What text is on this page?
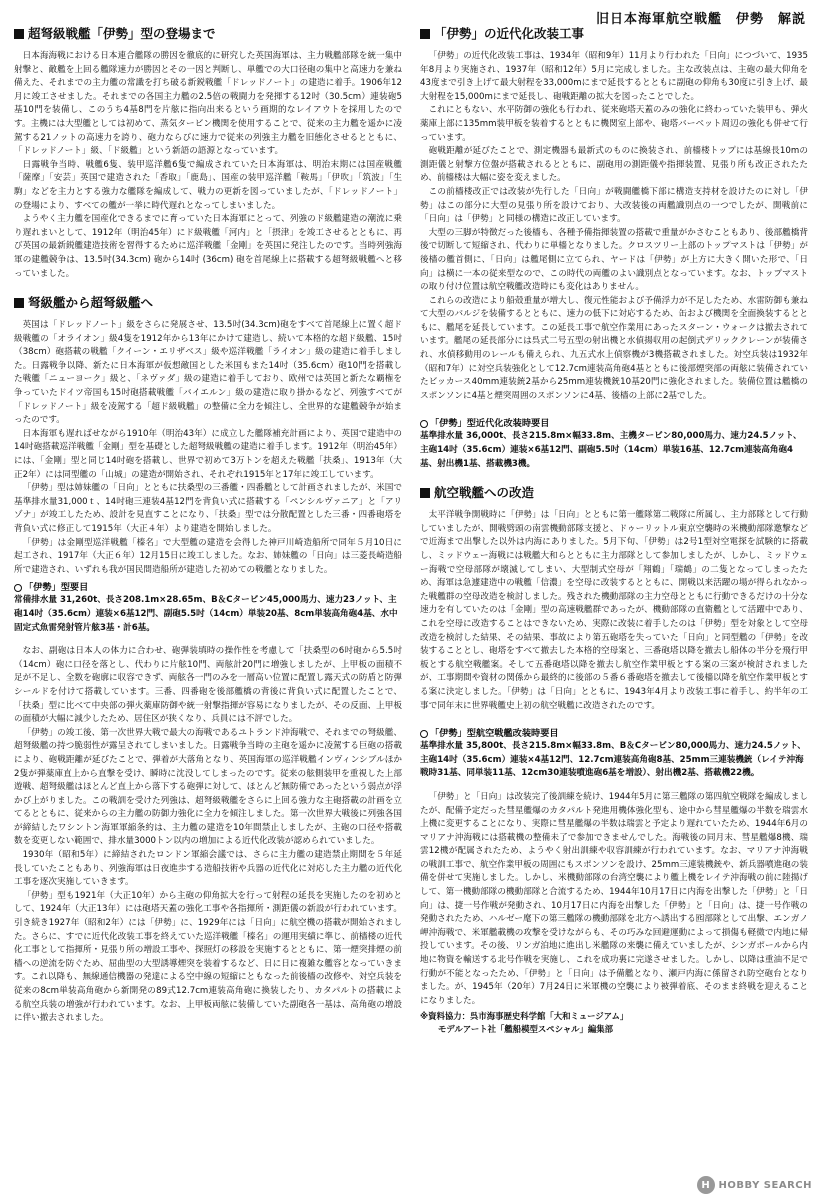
旧日本海軍航空戦艦　伊勢　解説
超弩級戦艦「伊勢」型の登場まで

日本海海戦における日本連合艦隊の勝因を徹底的に研究した英国海軍は、主力戦艦部隊を統一集中射撃と、敵艦を上回る艦隊速力が勝因とその一因と判断し、単艦での大口径砲の集中と高速力を兼ね備えた、それまでの主力艦の常識を打ち破る新鋭戦艦「ドレッドノート」の建造に着手。1906年12月に竣工させました。それまでの各国主力艦の2.5倍の戦闘力を発揮する12吋（30.5cm）連装砲5基10門を装備し、このうち4基8門を片舷に指向出来るという画期的なレイアウトを採用したのです。主機には大型艦としては初めて、蒸気タービン機関を使用することで、従来の主力艦を遥かに凌駕する21ノットの高速力を誇り、砲力ならびに速力で従来の列強主力艦を旧態化させるとともに、「ドレッドノート」級、「ド級艦」という新語の語源となっています。

日露戦争当時、戦艦6隻、装甲巡洋艦6隻で編成されていた日本海軍は、明治末期には国産戦艦「薩摩」「安芸」英国で建造された「香取」「鹿島」、国産の装甲巡洋艦「鞍馬」「伊吹」「筑波」「生駒」などを主力とする強力な艦隊を編成して、戦力の更新を図っていましたが、「ドレッドノート」の登場により、すべての艦が一挙に時代遅れとなってしまいました。

ようやく主力艦を国産化できるまでに育っていた日本海軍にとって、列強のド級艦建造の潮流に乗り遅れまいとして、1912年（明治45年）にド級戦艦「河内」と「摂津」を竣工させるとともに、再び英国の最新鋭艦建造技術を習得するために巡洋戦艦「金剛」を英国に発注したのです。当時列強海軍の建艦競争は、13.5吋(34.3cm) 砲から14吋 (36cm) 砲を首尾線上に搭載する超弩級戦艦へと移っていました。

弩級艦から超弩級艦へ

英国は「ドレッドノート」級をさらに発展させ、13.5吋(34.3cm)砲をすべて首尾線上に置く超ド級戦艦の「オライオン」級4隻を1912年から13年にかけて建造し、続いて本格的な超ド級艦、15吋（38cm）砲搭載の戦艦「クイーン・エリザベス」級や巡洋戦艦「ライオン」級の建造に着手しました。日露戦争以降、新たに日本海軍が仮想敵国とした米国もまた14吋（35.6cm）砲10門を搭載した戦艦「ニューヨーク」級と、「ネヴァダ」級の建造に着手しており、欧州では英国と新たな覇権を争っていたドイツ帝国も15吋砲搭載戦艦「バイエルン」級の建造に取り掛かるなど、列強すべてが「ドレッドノート」級を凌駕する「超ド級戦艦」の整備に全力を傾注し、全世界的な建艦競争が始まったのです。

日本海軍も遅ればせながら1910年（明治43年）に成立した艦隊補充計画により、英国で建造中の14吋砲搭載巡洋戦艦「金剛」型を基礎とした超弩級戦艦の建造に着手します。1912年（明治45年）には、「金剛」型と同じ14吋砲を搭載し、世界で初めて3万トンを超えた戦艦「扶桑」、1913年（大正2年）には同型艦の「山城」の建造が開始され、それぞれ1915年と17年に竣工しています。

「伊勢」型は姉妹艦の「日向」とともに扶桑型の三番艦・四番艦として計画されましたが、米国で基準排水量31,000ｔ、14吋砲三連装4基12門を背負い式に搭載する「ペンシルヴァニア」と「アリゾナ」が竣工したため、設計を見直すことになり、「扶桑」型では分散配置とした三番・四番砲塔を背負い式に修正して1915年（大正４年）より建造を開始しました。

「伊勢」は金剛型巡洋戦艦「榛名」で大型艦の建造を会得した神戸川崎造船所で同年５月10日に起工され、1917年（大正６年）12月15日に竣工しました。なお、姉妹艦の「日向」は三菱長崎造船所で建造され、いずれも我が国民間造船所が建造した初めての戦艦となりました。

「伊勢」型要目
常備排水量 31,260t、長さ208.1m×28.65m、B＆Cタービン45,000馬力、速力23ノット、主砲14吋（35.6cm）連装×6基12門、副砲5.5吋（14cm）単装20基、8cm単装高角砲4基、水中固定式魚雷発射管片舷3基・計6基。

なお、副砲は日本人の体力に合わせ、砲弾装填時の操作性を考慮して「扶桑型の6吋砲から5.5吋（14cm）砲に口径を落とし、代わりに片舷10門、両舷計20門に増強しましたが、上甲板の面積不足が不足し、全数を砲廓に収容できず、両舷各一門のみを一層高い位置に配置し露天式の防盾と防弾シールドを付けて搭載しています。三番、四番砲を後部艦橋の背後に背負い式に配置したことで、「扶桑」型に比べて中央部の弾火薬庫防御や統一射撃指揮が容易になりましたが、その反面、上甲板の面積が大幅に減少したため、居住区が狭くなり、兵員には不評でした。

「伊勢」の竣工後、第一次世界大戦で最大の海戦であるユトランド沖海戦で、それまでの弩級艦、超弩級艦の持つ脆弱性が露呈されてしまいました。日露戦争当時の主砲を遥かに凌駕する巨砲の搭載により、砲戦距離が延びたことで、弾着が大落角となり、英国海軍の巡洋戦艦インヴィンシブルほか2隻が弾薬庫直上から直撃を受け、瞬時に沈没してしまったのです。従来の舷側装甲を重視した上部遊戦、超弩級艦はほとんど直上から落下する砲弾に対して、ほとんど無防備であったという弱点が浮かび上がりました。この戦訓を受けた列強は、超弩級戦艦をさらに上回る強力な主砲搭載の計画を立てるとともに、従来からの主力艦の防御力強化に全力を傾注しました。第一次世界大戦後に列強各国が締結したワシントン海軍軍縮条約は、主力艦の建造を10年間禁止しましたが、主砲の口径や搭載数を変更しない範囲で、排水量3000トン以内の増加による近代化改装が認められていました。

1930年（昭和5年）に締結されたロンドン軍縮会議では、さらに主力艦の建造禁止期間を５年延長していたこともあり、列強海軍は日夜進歩する造船技術や兵器の近代化に対応した主力艦の近代化工事を逐次実施していきます。

「伊勢」型も1921年（大正10年）から主砲の仰角拡大を行って射程の延長を実施したのを初めとして、1924年（大正13年）には砲塔天蓋の強化工事や各指揮所・測距儀の新設が行われています。引き続き1927年（昭和2年）には「伊勢」に、1929年には「日向」に航空機の搭載が開始されました。さらに、すでに近代化改装工事を終えていた巡洋戦艦「榛名」の運用実績に準じ、前檣楼の近代化工事として指揮所・見張り所の増設工事や、探照灯の移設を実施するとともに、第一煙突排煙の前檣への逆流を防ぐため、屈曲型の大型誘導煙突を装着するなど、日に日に複雑な艦容となっていきます。これ以降も、無線通信機器の発達による空中線の短縮にともなった前後檣の改修や、対空兵装を従来の8cm単装高角砲から新開発の89式12.7cm連装高角砲に換装したり、カタパルトの搭載による航空兵装の増強が行われています。なお、上甲板両舷に装備していた副砲各一基は、高角砲の増設に伴い撤去されました。

「伊勢」の近代化改装工事

「伊勢」の近代化改装工事は、1934年（昭和9年）11月より行われた「日向」につづいて、1935年8月より実施され、1937年（昭和12年）5月に完成しました。主な改装点は、主砲の最大仰角を43度まで引き上げて最大射程を33,000mにまで延長するとともに副砲の仰角も30度に引き上げ、最大射程を15,000mにまで延長し、砲戦距離の拡大を図ったことでした。

これにともない、水平防御の強化も行われ、従来砲塔天蓋のみの強化に終わっていた装甲も、弾火薬庫上部に135mm装甲板を装着するとともに機関室上部や、砲塔バーベット周辺の強化も併せて行っています。

砲戦距離が延びたことで、測定機器も最新式のものに換装され、前檣楼トップには基線長10mの測距儀と射撃方位盤が搭載されるとともに、副砲用の測距儀や指揮装置、見張り所も改正されたため、前檣楼は大幅に姿を変えました。

この前檣楼改正では改装が先行した「日向」が戦闘艦橋下部に構造支持材を設けたのに対し「伊勢」はこの部分に大型の見張り所を設けており、大改装後の両艦識別点の一つでしたが、開戦前に「日向」は「伊勢」と同様の構造に改正しています。

大型の三脚が特徴だった後檣も、各種予備指揮装置の搭載で重量がかさむこともあり、後部艦橋背後で切断して短縮され、代わりに単檣となりました。クロスツリー上部のトップマストは「伊勢」が後檣の艦首側に、「日向」は艦尾側に立てられ、ヤードは「伊勢」が上方に大きく開いた形で、「日向」は横に一本の従来型なので、この時代の両艦のよい識別点となっています。なお、トップマストの取り付け位置は航空戦艦改造時にも変化はありません。

これらの改造により船殻重量が増大し、復元性能および予備浮力が不足したため、水雷防御も兼ねて大型のバルジを装備するとともに、速力の低下に対応するため、缶および機関を全面換装するとともに、艦尾を延長しています。この延長工事で航空作業用にあったスターン・ウォークは撤去されています。艦尾の延長部分には呉式二号五型の射出機と水偵揚収用の起倒式デリッククレーンが装備され、水偵移動用のレールも備えられ、九五式水上偵察機が3機搭載されました。対空兵装は1932年（昭和7年）に対空兵装強化として12.7cm連装高角砲4基とともに後部煙突部の両舷に装備されていたビッカース40mm連装銃2基から25mm連装機銃10基20門に強化されました。装備位置は艦橋のスポンソンに4基と煙突周囲のスポンソンに4基、後檣の上部に2基でした。

「伊勢」型近代化改装時要目
基準排水量 36,000t、長さ215.8m×幅33.8m、主機タービン80,000馬力、速力24.5ノット、主砲14吋（35.6cm）連装×6基12門、副砲5.5吋（14cm）単装16基、12.7cm連装高角砲4基、射出機1基、搭載機3機。
航空戦艦への改造

太平洋戦争開戦時に「伊勢」は「日向」とともに第一艦隊第二戦隊に所属し、主力部隊として行動していましたが、開戦劈頭の南雲機動部隊支援と、ドゥーリットル東京空襲時の米機動部隊邀撃などで近海まで出撃した以外は内海にありました。5月下旬、「伊勢」は2号1型対空電探を試験的に搭載し、ミッドウェー海戦には戦艦大和らとともに主力部隊として参加しましたが、しかし、ミッドウェー海戦で空母部隊が壊滅してしまい、大型制式空母が「翔鶴」「瑞鶴」の二隻となってしまったため、海軍は急遽建造中の戦艦「信濃」を空母に改装するとともに、開戦以来活躍の場が得られなかった戦艦群の空母改造を検討しました。残された機動部隊の主力空母とともに行動できるだけの十分な速力を有していたのは「金剛」型の高速戦艦群であったが、機動部隊の直衛艦として活躍中であり、これを空母に改造することはできないため、実際に改装に着手したのは「伊勢」型を対象として空母改造を検討した結果、その結果、事故により第五砲塔を失っていた「日向」と同型艦の「伊勢」を改装することとし、砲塔をすべて撤去した本格的空母案と、三番砲塔以降を撤去し船体の半分を飛行甲板とする航空戦艦案。そして五番砲塔以降を撤去し航空作業甲板とする案の三案が検討されましたが、工事期間や資材の関係から最終的に後部の５番６番砲塔を撤去して後檣以降を航空作業甲板とする案に決定しました。「伊勢」は「日向」とともに、1943年4月より改装工事に着手し、約半年の工事で同年末に世界戦艦史上初の航空戦艦に改造されたのです。

「伊勢」型航空戦艦改装時要目
基準排水量 35,800t、長さ215.8m×幅33.8m、B＆Cタービン80,000馬力、速力24.5ノット、主砲14吋（35.6cm）連装×4基12門、12.7cm連装高角砲8基、25mm三連装機銃（レイテ沖海戦時31基、同単装11基、12cm30連装噴進砲6基を増設）、射出機2基、搭載機22機。

「伊勢」と「日向」は改装完了後訓練を続け、1944年5月に第三艦隊の第四航空戦隊を編成しましたが、配備予定だった彗星艦爆のカタパルト発進用機体強化型も、途中から彗星艦爆の半数を瑞雲水上機に変更することになり、実際に彗星艦爆の半数は瑞雲と予定より遅れていたため、1944年6月のマリアナ沖海戦には搭載機の整備未了で参加できませんでした。海戦後の同月末、彗星艦爆8機、瑞雲12機が配属されたため、ようやく射出訓練や収容訓練が行われています。なお、マリアナ沖海戦の戦訓工事で、航空作業甲板の周囲にもスポンソンを設け、25mm三連装機銃や、新兵器噴進砲の装備を併せて実施しました。しかし、米機動部隊の台湾空襲により艦上機をレイテ沖海戦の前に陸揚げして、第一機動部隊の機動部隊と合流するため、1944年10月17日に内海を出撃した「伊勢」と「日向」は、捷一号作戦が発動され、10月17日に内海を出撃した「伊勢」と「日向」は、捷一号作戦の発動されたため、ハルゼー麾下の第三艦隊の機動部隊を北方へ誘出する囮部隊として出撃、エンガノ岬沖海戦で、米軍艦載機の攻撃を受けながらも、その巧みな回避運動によって損傷も軽微で内地に帰投しています。その後、リンガ泊地に進出し米艦隊の来襲に備えていましたが、シンガポールから内地に物資を輸送する北号作戦を実施し、これを成功裏に完遂させました。しかし、以降は重油不足で行動が不能となったため、「伊勢」と「日向」は予備艦となり、瀬戸内海に係留され防空砲台となりました。が、1945年（20年）7月24日に米軍機の空襲により被弾着底、そのまま終戦を迎えることになりました。

※資料協力：呉市海事歴史科学館「大和ミュージアム」
モデルアート社「艦船模型スペシャル」編集部
H HOBBY SEARCH
